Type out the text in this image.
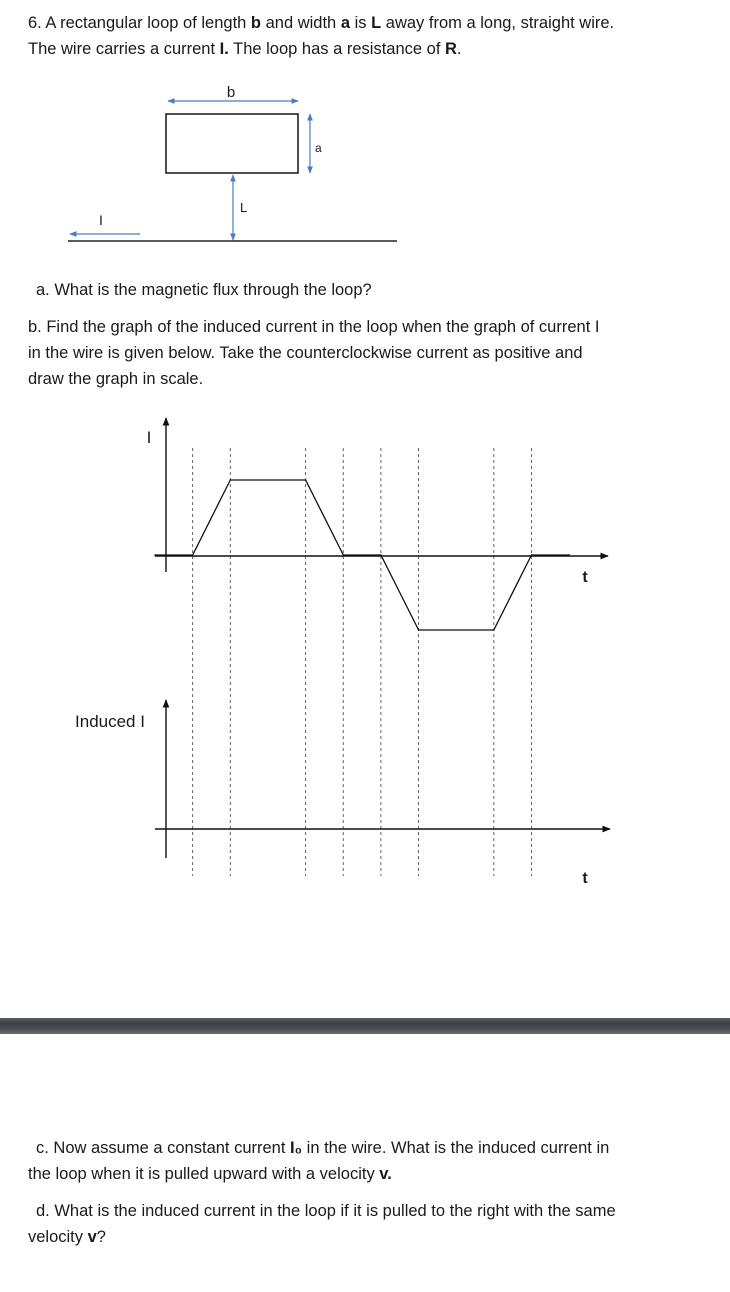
6. A rectangular loop of length b and width a is L away from a long, straight wire.
The wire carries a current I. The loop has a resistance of R.

b
a
L
I

a. What is the magnetic flux through the loop?

b. Find the graph of the induced current in the loop when the graph of current I
in the wire is given below. Take the counterclockwise current as positive and
draw the graph in scale.

I
t
Induced I
t

c. Now assume a constant current I₀ in the wire. What is the induced current in
the loop when it is pulled upward with a velocity v.

d. What is the induced current in the loop if it is pulled to the right with the same
velocity v?
